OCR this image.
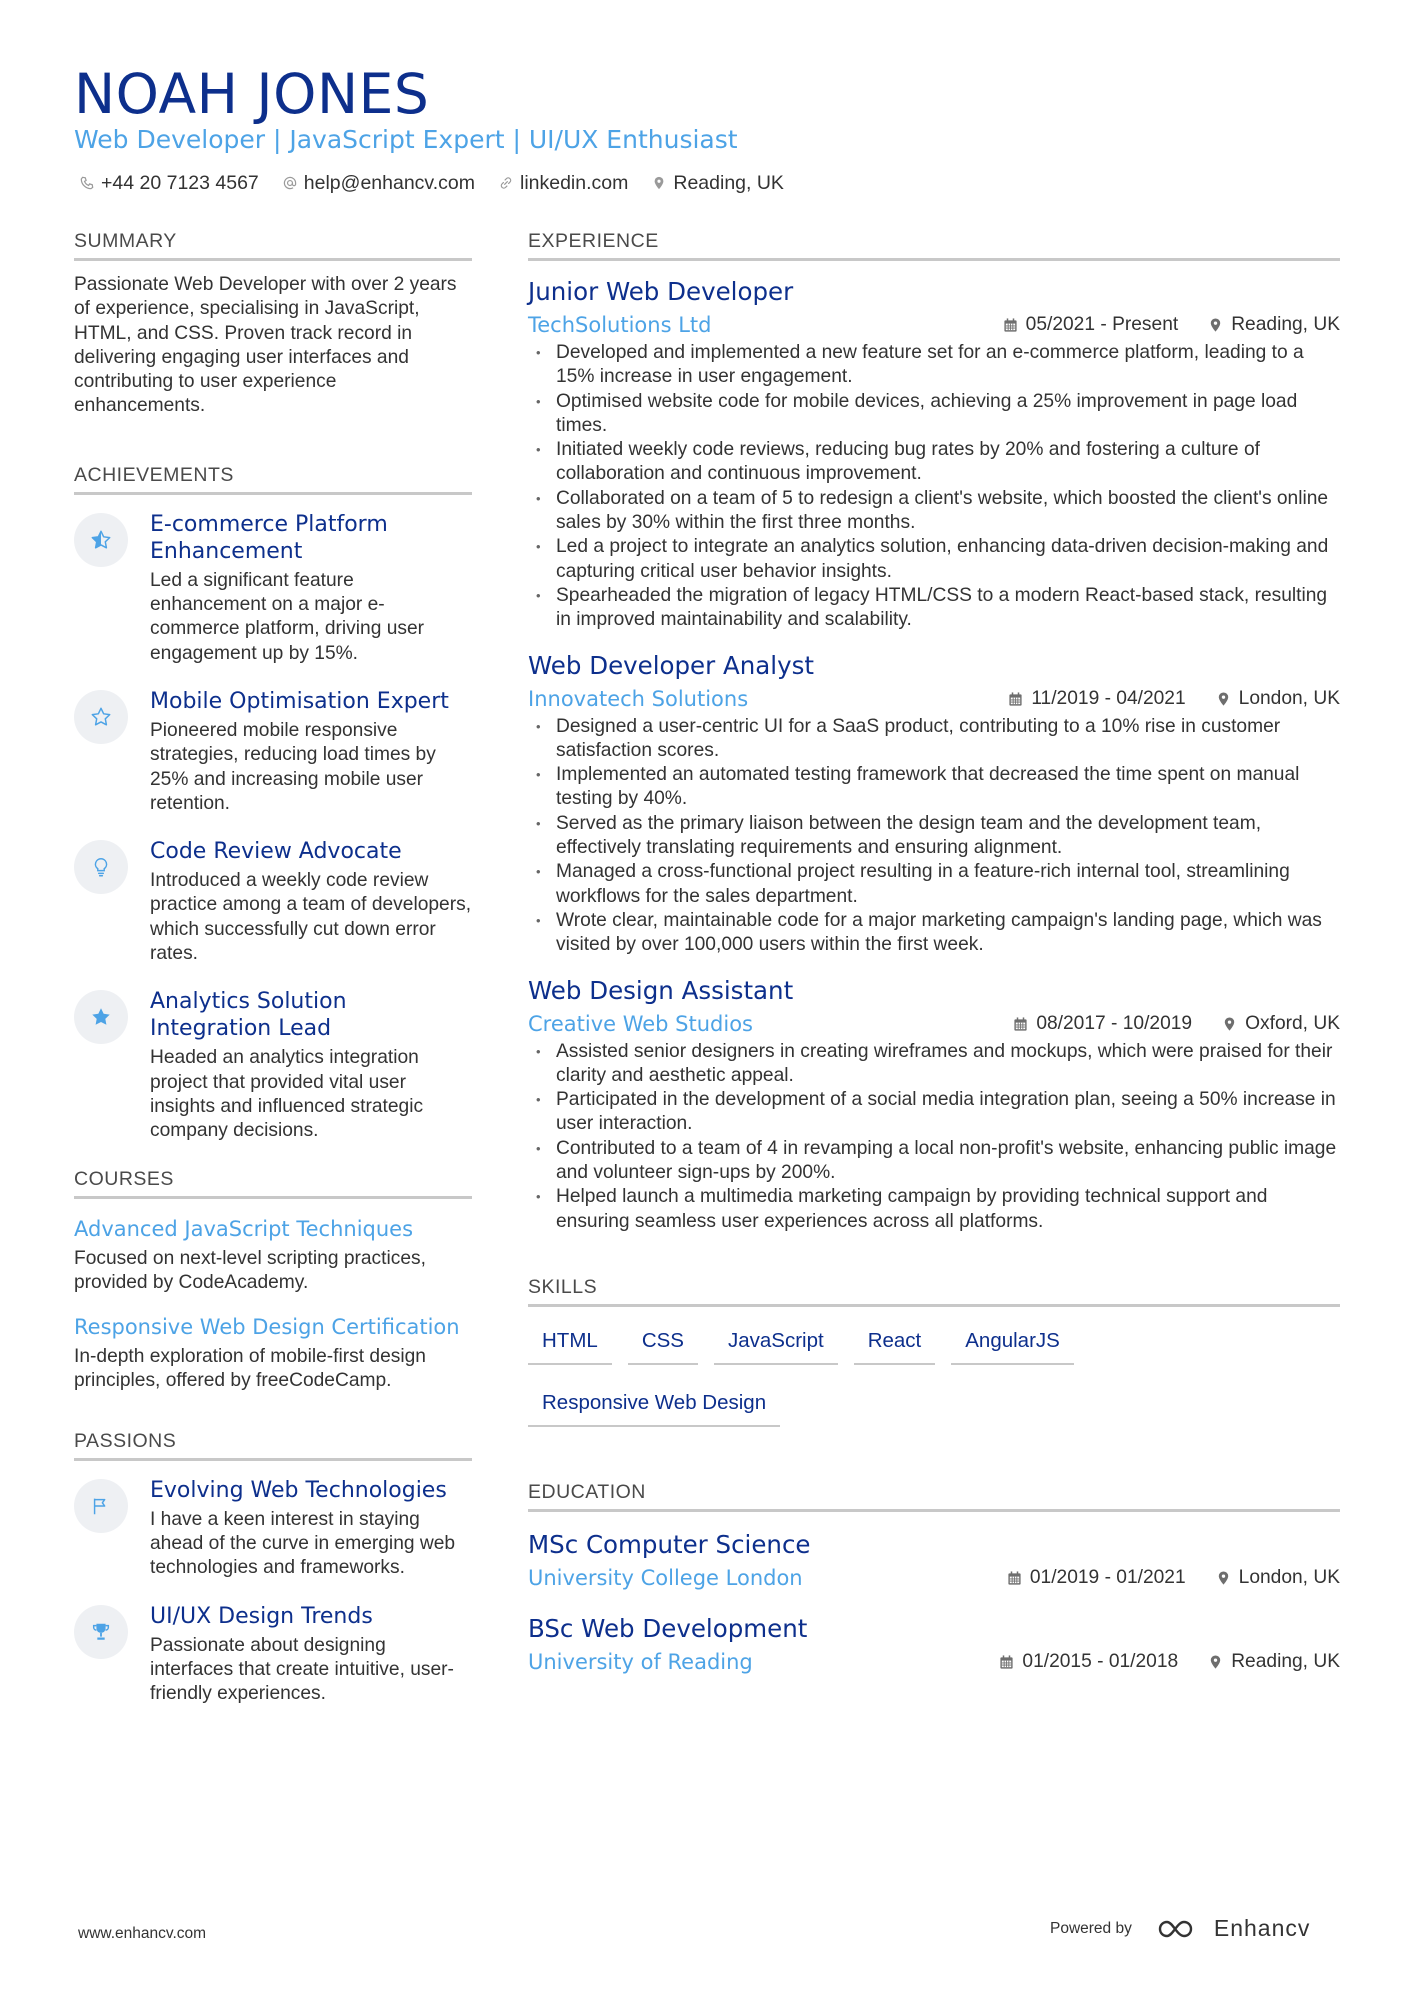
NOAH JONES
Web Developer | JavaScript Expert | UI/UX Enthusiast
+44 20 7123 4567 help@enhancv.com linkedin.com Reading, UK
SUMMARY
Passionate Web Developer with over 2 years of experience, specialising in JavaScript, HTML, and CSS. Proven track record in delivering engaging user interfaces and contributing to user experience enhancements.
ACHIEVEMENTS
E-commerce Platform Enhancement
Led a significant feature enhancement on a major e-commerce platform, driving user engagement up by 15%.
Mobile Optimisation Expert
Pioneered mobile responsive strategies, reducing load times by 25% and increasing mobile user retention.
Code Review Advocate
Introduced a weekly code review practice among a team of developers, which successfully cut down error rates.
Analytics Solution Integration Lead
Headed an analytics integration project that provided vital user insights and influenced strategic company decisions.
COURSES
Advanced JavaScript Techniques
Focused on next-level scripting practices, provided by CodeAcademy.
Responsive Web Design Certification
In-depth exploration of mobile-first design principles, offered by freeCodeCamp.
PASSIONS
Evolving Web Technologies
I have a keen interest in staying ahead of the curve in emerging web technologies and frameworks.
UI/UX Design Trends
Passionate about designing interfaces that create intuitive, user-friendly experiences.
EXPERIENCE
Junior Web Developer
TechSolutions Ltd	05/2021 - Present	Reading, UK
• Developed and implemented a new feature set for an e-commerce platform, leading to a 15% increase in user engagement.
• Optimised website code for mobile devices, achieving a 25% improvement in page load times.
• Initiated weekly code reviews, reducing bug rates by 20% and fostering a culture of collaboration and continuous improvement.
• Collaborated on a team of 5 to redesign a client's website, which boosted the client's online sales by 30% within the first three months.
• Led a project to integrate an analytics solution, enhancing data-driven decision-making and capturing critical user behavior insights.
• Spearheaded the migration of legacy HTML/CSS to a modern React-based stack, resulting in improved maintainability and scalability.
Web Developer Analyst
Innovatech Solutions	11/2019 - 04/2021	London, UK
• Designed a user-centric UI for a SaaS product, contributing to a 10% rise in customer satisfaction scores.
• Implemented an automated testing framework that decreased the time spent on manual testing by 40%.
• Served as the primary liaison between the design team and the development team, effectively translating requirements and ensuring alignment.
• Managed a cross-functional project resulting in a feature-rich internal tool, streamlining workflows for the sales department.
• Wrote clear, maintainable code for a major marketing campaign's landing page, which was visited by over 100,000 users within the first week.
Web Design Assistant
Creative Web Studios	08/2017 - 10/2019	Oxford, UK
• Assisted senior designers in creating wireframes and mockups, which were praised for their clarity and aesthetic appeal.
• Participated in the development of a social media integration plan, seeing a 50% increase in user interaction.
• Contributed to a team of 4 in revamping a local non-profit's website, enhancing public image and volunteer sign-ups by 200%.
• Helped launch a multimedia marketing campaign by providing technical support and ensuring seamless user experiences across all platforms.
SKILLS
HTML	CSS	JavaScript	React	AngularJS
Responsive Web Design
EDUCATION
MSc Computer Science
University College London	01/2019 - 01/2021	London, UK
BSc Web Development
University of Reading	01/2015 - 01/2018	Reading, UK
www.enhancv.com	Powered by	Enhancv
